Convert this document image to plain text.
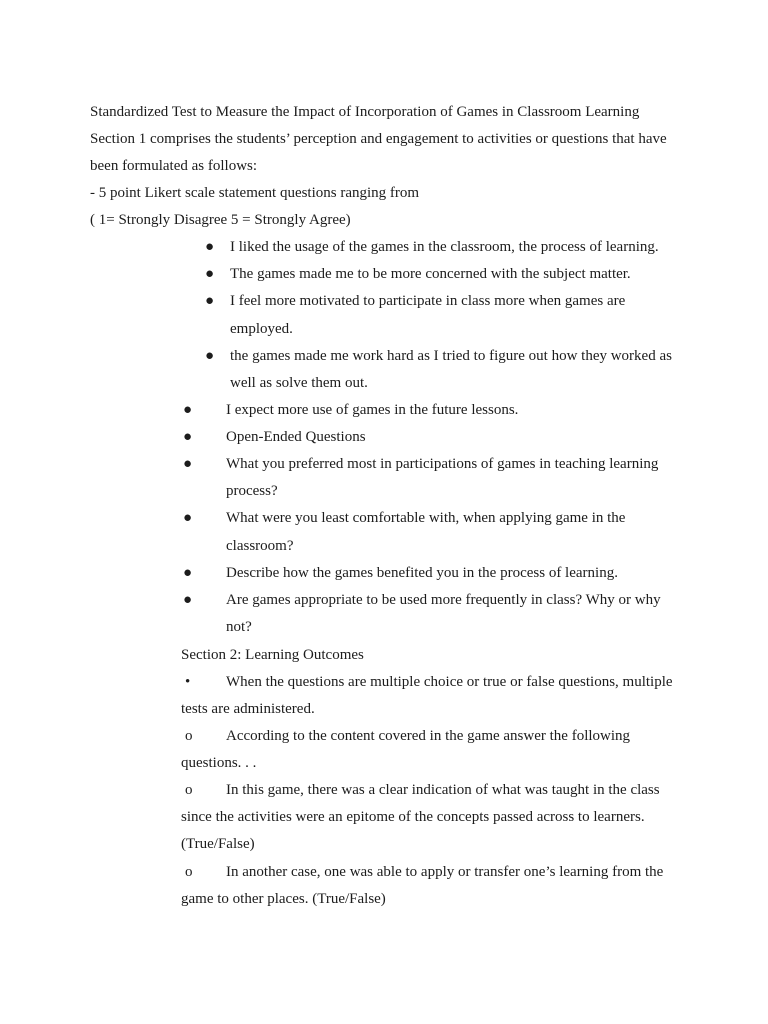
Standardized Test to Measure the Impact of Incorporation of Games in Classroom Learning
Section 1 comprises the students’ perception and engagement to activities or questions that have
been formulated as follows:
- 5 point Likert scale statement questions ranging from
( 1= Strongly Disagree 5 = Strongly Agree)
● I liked the usage of the games in the classroom, the process of learning.
● The games made me to be more concerned with the subject matter.
● I feel more motivated to participate in class more when games are
employed.
● the games made me work hard as I tried to figure out how they worked as
well as solve them out.
● I expect more use of games in the future lessons.
● Open-Ended Questions
● What you preferred most in participations of games in teaching learning
process?
● What were you least comfortable with, when applying game in the
classroom?
● Describe how the games benefited you in the process of learning.
● Are games appropriate to be used more frequently in class? Why or why
not?
Section 2: Learning Outcomes
• When the questions are multiple choice or true or false questions, multiple
tests are administered.
o According to the content covered in the game answer the following
questions. . .
o In this game, there was a clear indication of what was taught in the class
since the activities were an epitome of the concepts passed across to learners.
(True/False)
o In another case, one was able to apply or transfer one’s learning from the
game to other places. (True/False)
